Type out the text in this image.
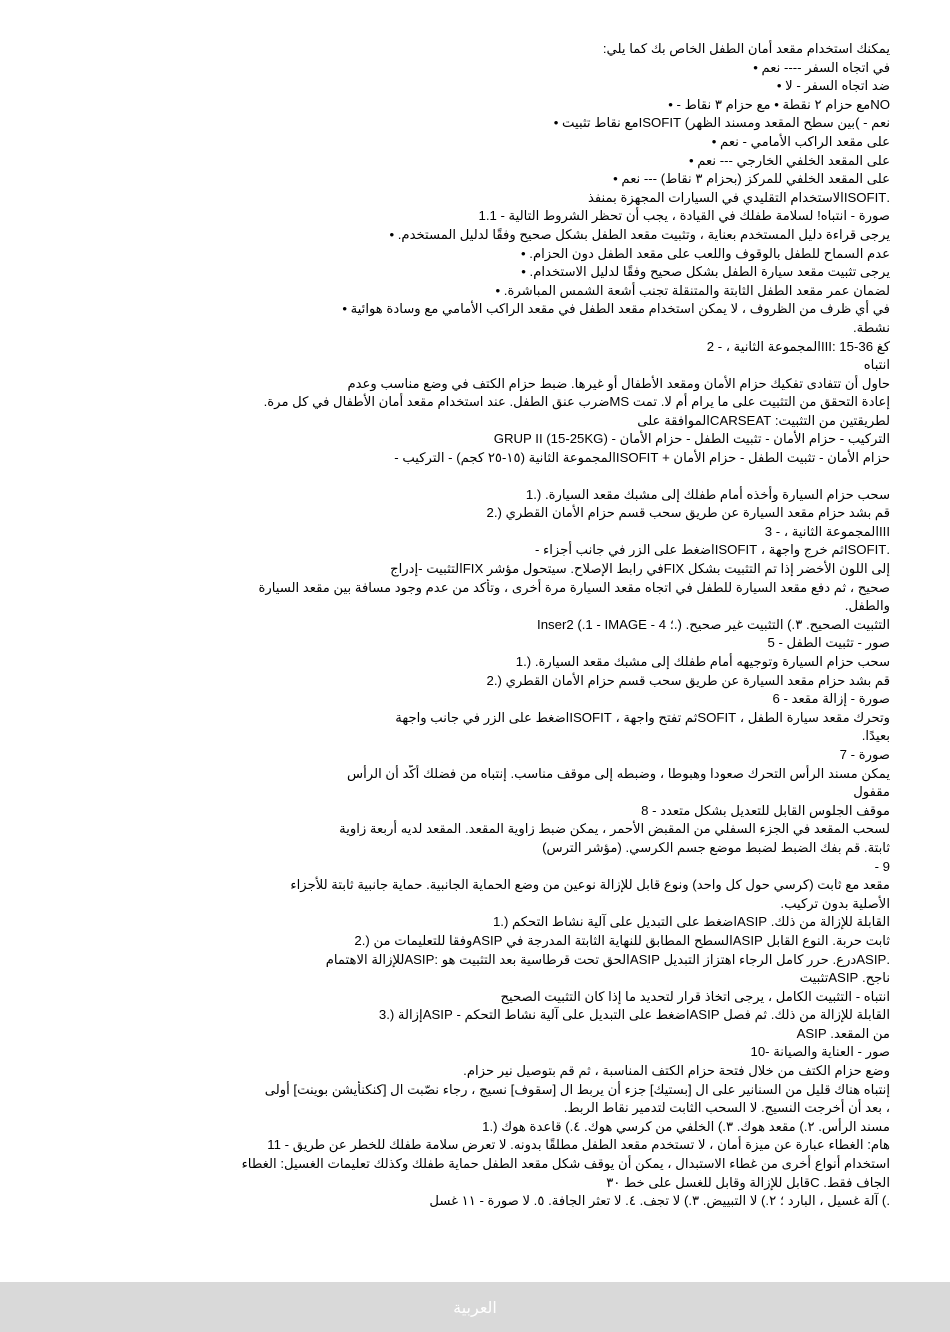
يمكنك استخدام مقعد أمان الطفل الخاص بك كما يلي:
في اتجاه السفر ---- نعم •
ضد اتجاه السفر - لا •
NOمع حزام ٢ نقطة • مع حزام ٣ نقاط - •
نعم - )بين سطح المقعد ومسند الظهر) ISOFITمع نقاط تثبيت •
على مقعد الراكب الأمامي - نعم •
على المقعد الخلفي الخارجي --- نعم •
على المقعد الخلفي للمركز (بحزام ٣ نقاط) --- نعم •
.ISOFITالاستخدام التقليدي في السيارات المجهزة بمنفذ
صورة - انتباه! لسلامة طفلك في القيادة ، يجب أن تحظر الشروط التالية - 1.1
يرجى قراءة دليل المستخدم بعناية ، وتثبيت مقعد الطفل بشكل صحيح وفقًا لدليل المستخدم. •
عدم السماح للطفل بالوقوف واللعب على مقعد الطفل دون الحزام. •
يرجى تثبيت مقعد سيارة الطفل بشكل صحيح وفقًا لدليل الاستخدام. •
لضمان عمر مقعد الطفل الثابتة والمتنقلة تجنب أشعة الشمس المباشرة. •
في أي ظرف من الظروف ، لا يمكن استخدام مقعد الطفل في مقعد الراكب الأمامي مع وسادة هوائية •
نشطة.
كغ 36-15 :IIIالمجموعة الثانية ، - 2
انتباه
حاول أن تتفادى تفكيك حزام الأمان ومقعد الأطفال أو غيرها. ضبط حزام الكتف في وضع مناسب وعدم
إعادة التحقق من التثبيت على ما يرام أم لا. تمت MSضرب عنق الطفل. عند استخدام مقعد أمان الأطفال في كل مرة.
لطريقتين من التثبيت: CARSEATالموافقة على
التركيب - حزام الأمان - تثبيت الطفل - حزام الأمان - GRUP II (15-25KG)
حزام الأمان - تثبيت الطفل - حزام الأمان + ISOFITالمجموعة الثانية (١٥-٢٥ كجم) - التركيب -
سحب حزام السيارة وأخذه أمام طفلك إلى مشبك مقعد السيارة. (.1
قم بشد حزام مقعد السيارة عن طريق سحب قسم حزام الأمان القطري (.2
IIIالمجموعة الثانية ، - 3
.ISOFITثم خرج واجهة ، ISOFITاضغط على الزر في جانب أجزاء -
إلى اللون الأخضر إذا تم التثبيت بشكل FIXفي رابط الإصلاح. سيتحول مؤشر FIXالتثبيت -إدراج
صحيح ، ثم دفع مقعد السيارة للطفل في اتجاه مقعد السيارة مرة أخرى ، وتأكد من عدم وجود مسافة بين مقعد السيارة
والطفل.
التثبيت الصحيح. ٣.) التثبيت غير صحيح. (.؛ Inser2 (.1 - IMAGE - 4
صور - تثبيت الطفل - 5
سحب حزام السيارة وتوجيهه أمام طفلك إلى مشبك مقعد السيارة. (.1
قم بشد حزام مقعد السيارة عن طريق سحب قسم حزام الأمان القطري (.2
صورة - إزالة مقعد - 6
وتحرك مقعد سيارة الطفل ، SOFITثم تفتح واجهة ، ISOFITاضغط على الزر في جانب واجهة
بعيدًا.
صورة - 7
يمكن مسند الرأس التحرك صعودا وهبوطا ، وضبطه إلى موقف مناسب. إنتباه من فضلك أكّد أن الرأس
مقفول
موقف الجلوس القابل للتعديل بشكل متعدد - 8
لسحب المقعد في الجزء السفلي من المقبض الأحمر ، يمكن ضبط زاوية المقعد. المقعد لديه أربعة زاوية
ثابتة. قم بفك الضبط لضبط موضع جسم الكرسي. (مؤشر الترس)
9 -
مقعد مع ثابت (كرسي حول كل واحد) ونوع قابل للإزالة نوعين من وضع الحماية الجانبية. حماية جانبية ثابتة للأجزاء
الأصلية بدون تركيب.
القابلة للإزالة من ذلك. ASIPاضغط على التبديل على آلية نشاط التحكم (.1
ثابت حربة. النوع القابل ASIPالسطح المطابق للنهاية الثابتة المدرجة في ASIPوفقا للتعليمات من (.2
.ASIPدرع. حرر كامل الرجاء اهتزاز التبديل ASIPالحق تحت قرطاسية بعد التثبيت هو :ASIPللإزالة الاهتمام
ناجح. ASIPتثبيت
انتباه - التثبيت الكامل ، يرجى اتخاذ قرار لتحديد ما إذا كان التثبيت الصحيح
القابلة للإزالة من ذلك. ثم فصل ASIPاضغط على التبديل على آلية نشاط التحكم - ASIPإزالة (.3
من المقعد. ASIP
صور - العناية والصيانة -10
وضع حزام الكتف من خلال فتحة حزام الكتف المناسبة ، ثم قم بتوصيل نير حزام.
إنتباه هناك قليل من السنانير على ال [بستيك] جزء أن يربط ال [سقوف] نسيج ، رجاء نصّبت ال [كنكنأيشن بوينت] أولى
، بعد أن أخرجت النسيج. لا السحب الثابت لتدمير نقاط الربط.
مسند الرأس. ٢.) مقعد هوك. ٣.) الخلفي من كرسي هوك. ٤.) قاعدة هوك (.1
هام: الغطاء عبارة عن ميزة أمان ، لا تستخدم مقعد الطفل مطلقًا بدونه. لا تعرض سلامة طفلك للخطر عن طريق - 11
استخدام أنواع أخرى من غطاء الاستبدال ، يمكن أن يوقف شكل مقعد الطفل حماية طفلك وكذلك تعليمات الغسيل: الغطاء
الجاف فقط. Cقابل للإزالة وقابل للغسل على خط ٣٠
.) آلة غسيل ، البارد ؛ ٢.) لا التبييض. ٣.) لا تجف. ٤. لا تعثر الجافة. ٥. لا صورة - ١١ غسل
العربية
